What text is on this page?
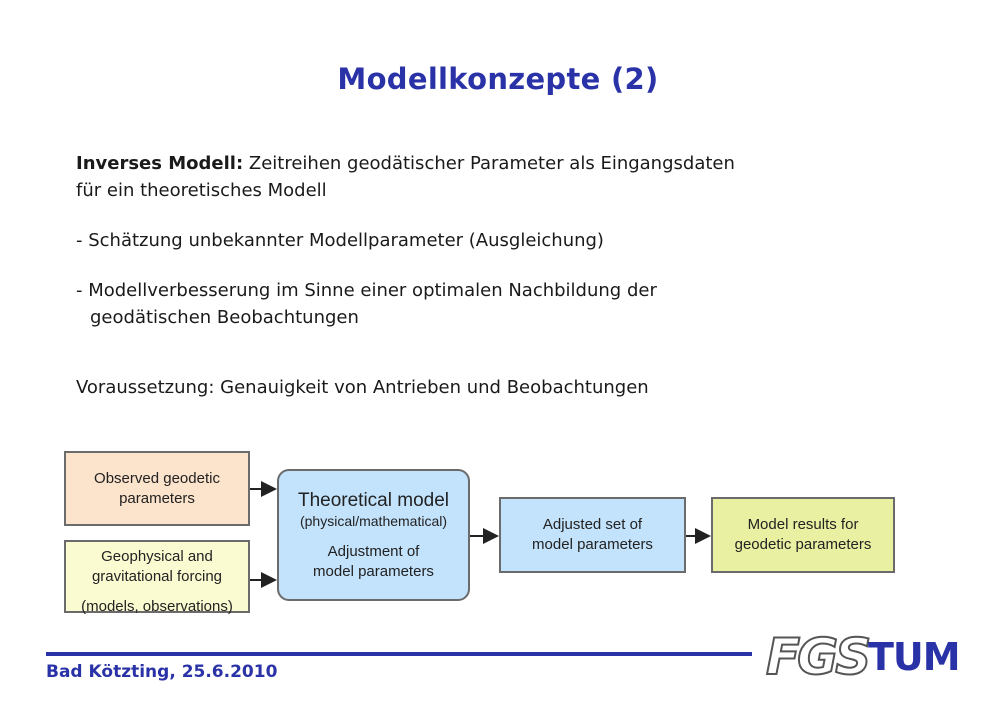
Modellkonzepte (2)

Inverses Modell: Zeitreihen geodätischer Parameter als Eingangsdaten

für ein theoretisches Modell

- Schätzung unbekannter Modellparameter (Ausgleichung)

- Modellverbesserung im Sinne einer optimalen Nachbildung der

geodätischen Beobachtungen

Voraussetzung: Genauigkeit von Antrieben und Beobachtungen

Observed geodetic
parameters
Geophysical and
gravitational forcing
(models, observations)
Theoretical model
(physical/mathematical)
Adjustment of
model parameters
Adjusted set of
model parameters
Model results for
geodetic parameters
Bad Kötzting, 25.6.2010	FGS TUM
